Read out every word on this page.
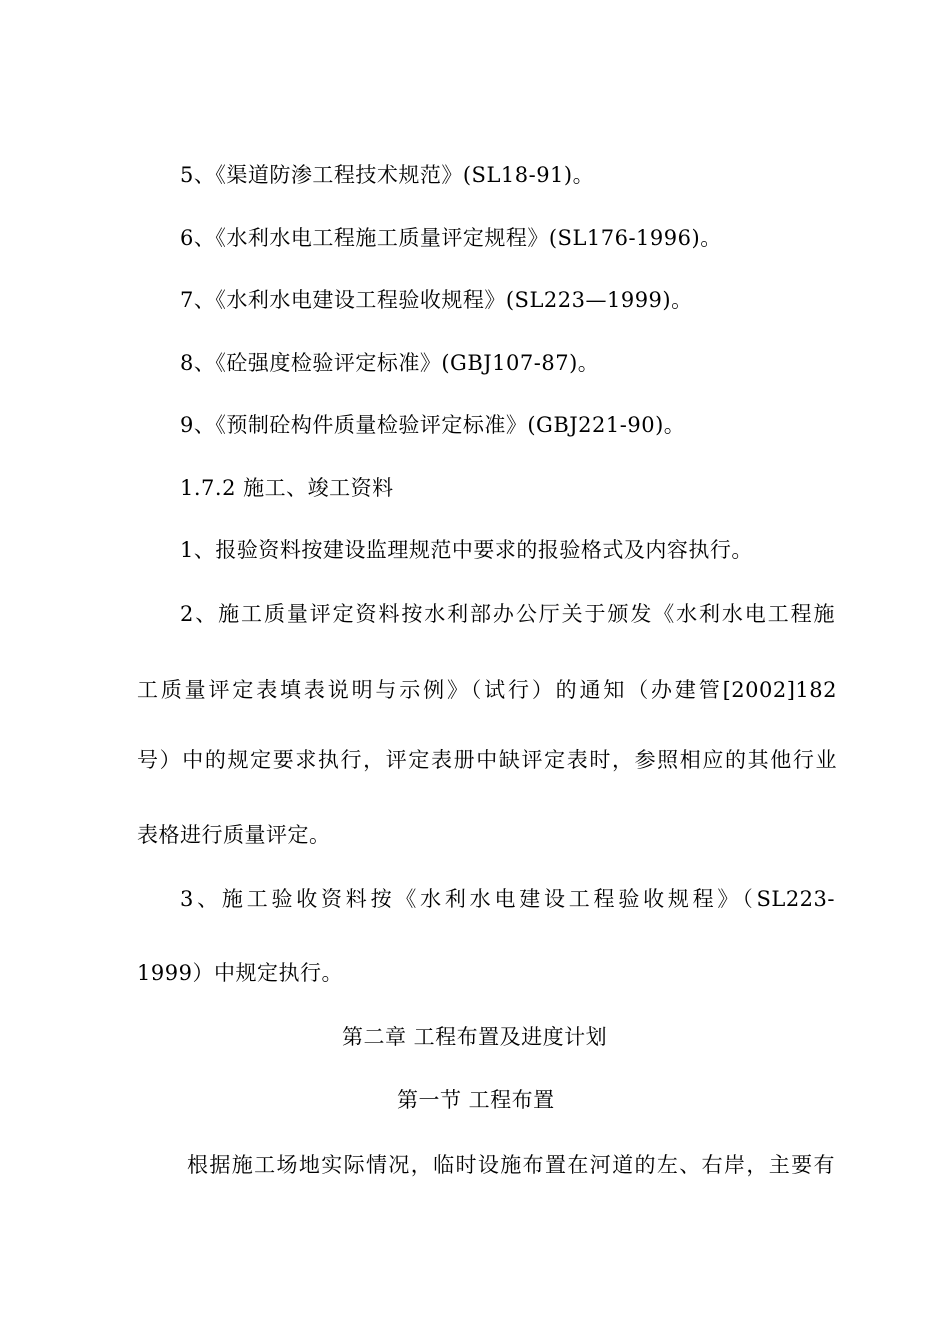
5、《渠道防渗工程技术规范》(SL18-91)。
6、《水利水电工程施工质量评定规程》(SL176-1996)。
7、《水利水电建设工程验收规程》(SL223—1999)。
8、《砼强度检验评定标准》(GBJ107-87)。
9、《预制砼构件质量检验评定标准》(GBJ221-90)。
1.7.2 施工、竣工资料
1、报验资料按建设监理规范中要求的报验格式及内容执行。
2、施工质量评定资料按水利部办公厅关于颁发《水利水电工程施
工质量评定表填表说明与示例》（试行）的通知（办建管[2002]182
号）中的规定要求执行，评定表册中缺评定表时，参照相应的其他行业
表格进行质量评定。
3、施工验收资料按《水利水电建设工程验收规程》（SL223-
1999）中规定执行。
第二章 工程布置及进度计划
第一节 工程布置
根据施工场地实际情况，临时设施布置在河道的左、右岸，主要有
